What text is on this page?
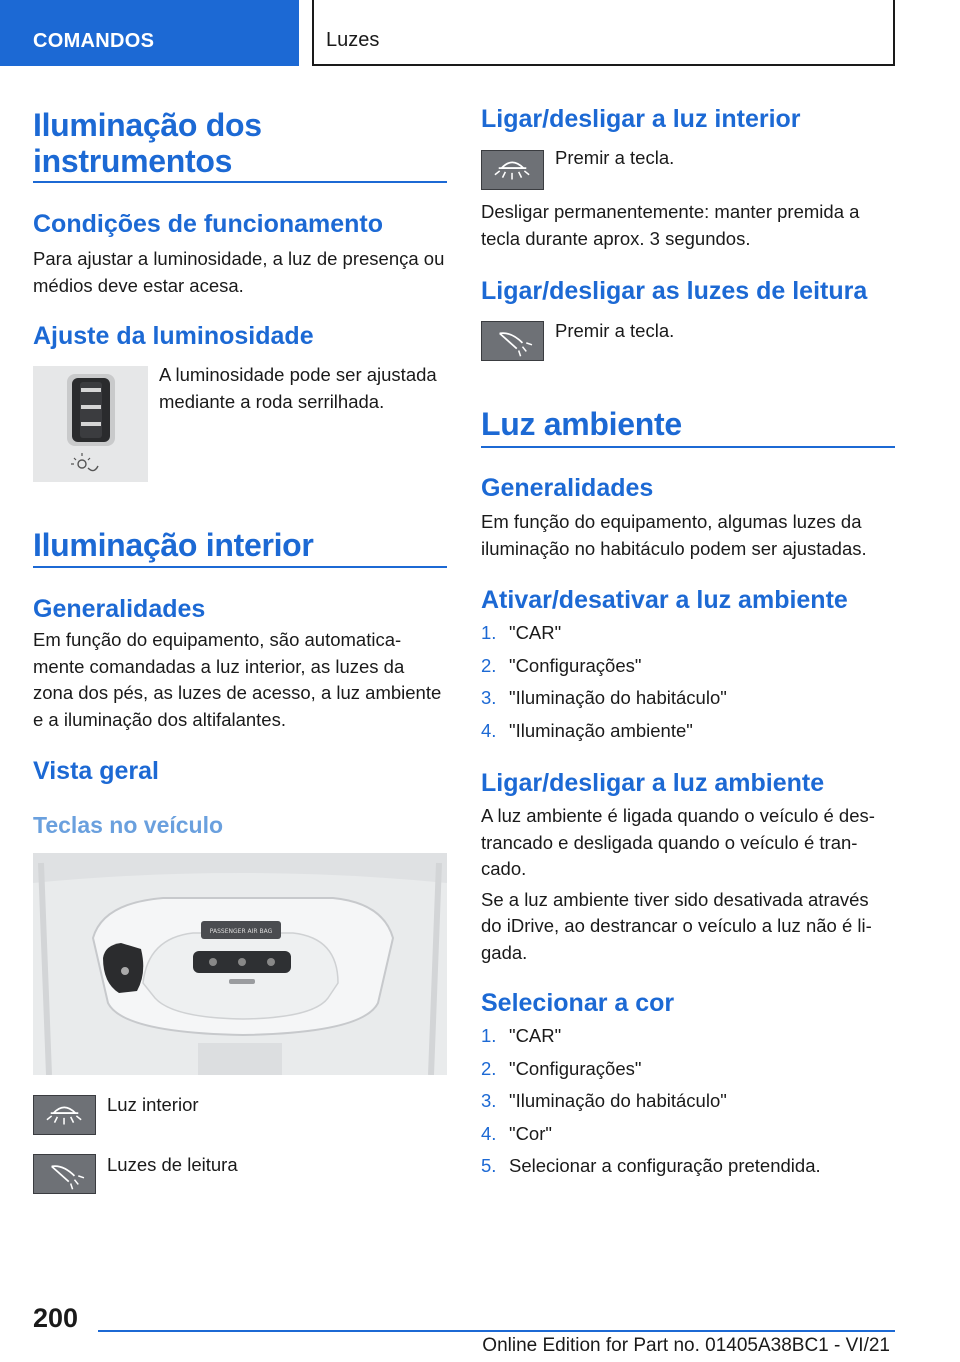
COMANDOS	Luzes
Iluminação dos
instrumentos
Condições de funcionamento
Para ajustar a luminosidade, a luz de presença ou
médios deve estar acesa.
Ajuste da luminosidade
A luminosidade pode ser ajustada
mediante a roda serrilhada.
Iluminação interior
Generalidades
Em função do equipamento, são automatica-
mente comandadas a luz interior, as luzes da
zona dos pés, as luzes de acesso, a luz ambiente
e a iluminação dos altifalantes.
Vista geral
Teclas no veículo
PASSENGER AIR BAG
Luz interior
Luzes de leitura
Ligar/desligar a luz interior
Premir a tecla.
Desligar permanentemente: manter premida a
tecla durante aprox. 3 segundos.
Ligar/desligar as luzes de leitura
Premir a tecla.
Luz ambiente
Generalidades
Em função do equipamento, algumas luzes da
iluminação no habitáculo podem ser ajustadas.
Ativar/desativar a luz ambiente
1. "CAR"
2. "Configurações"
3. "Iluminação do habitáculo"
4. "Iluminação ambiente"
Ligar/desligar a luz ambiente
A luz ambiente é ligada quando o veículo é des-
trancado e desligada quando o veículo é tran-
cado.
Se a luz ambiente tiver sido desativada através
do iDrive, ao destrancar o veículo a luz não é li-
gada.
Selecionar a cor
1. "CAR"
2. "Configurações"
3. "Iluminação do habitáculo"
4. "Cor"
5. Selecionar a configuração pretendida.
200
Online Edition for Part no. 01405A38BC1 - VI/21
